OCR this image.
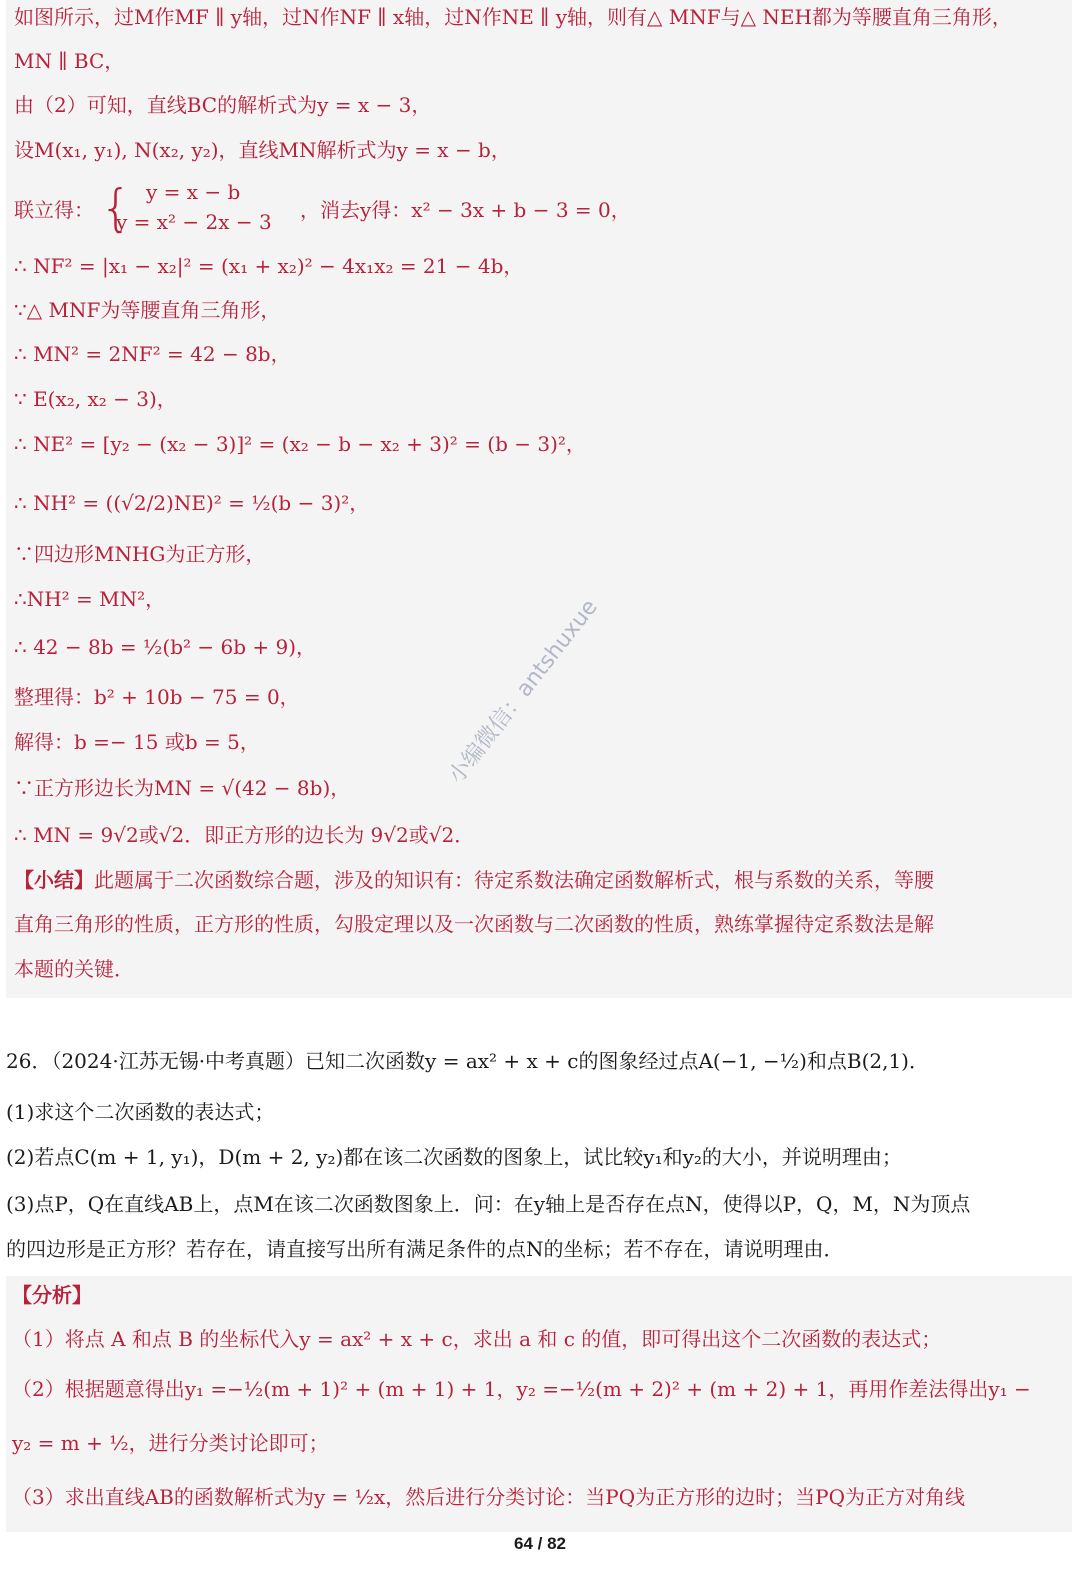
如图所示，过M作MF ∥ y轴，过N作NF ∥ x轴，过N作NE ∥ y轴，则有△ MNF与△ NEH都为等腰直角三角形，
MN ∥ BC，
由（2）可知，直线BC的解析式为y = x − 3，
设M(x₁, y₁), N(x₂, y₂)，直线MN解析式为y = x − b，
联立得： { y = x − b
y = x² − 2x − 3 ，消去y得：x² − 3x + b − 3 = 0，
∴ NF² = |x₁ − x₂|² = (x₁ + x₂)² − 4x₁x₂ = 21 − 4b，
∵△ MNF为等腰直角三角形，
∴ MN² = 2NF² = 42 − 8b，
∵ E(x₂, x₂ − 3)，
∴ NE² = [y₂ − (x₂ − 3)]² = (x₂ − b − x₂ + 3)² = (b − 3)²，
∴ NH² = ((√2/2)NE)² = ½(b − 3)²，
∵四边形MNHG为正方形，
∴NH² = MN²，
∴ 42 − 8b = ½(b² − 6b + 9)，
整理得：b² + 10b − 75 = 0，
解得：b =− 15 或b = 5，
∵正方形边长为MN = √(42 − 8b)，
∴ MN = 9√2或√2．即正方形的边长为 9√2或√2．
【小结】此题属于二次函数综合题，涉及的知识有：待定系数法确定函数解析式，根与系数的关系，等腰
直角三角形的性质，正方形的性质，勾股定理以及一次函数与二次函数的性质，熟练掌握待定系数法是解
本题的关键．
小编微信：antshuxue
26．（2024·江苏无锡·中考真题）已知二次函数y = ax² + x + c的图象经过点A(−1, −½)和点B(2,1)．
(1)求这个二次函数的表达式；
(2)若点C(m + 1, y₁)，D(m + 2, y₂)都在该二次函数的图象上，试比较y₁和y₂的大小，并说明理由；
(3)点P，Q在直线AB上，点M在该二次函数图象上．问：在y轴上是否存在点N，使得以P，Q，M，N为顶点
的四边形是正方形？若存在，请直接写出所有满足条件的点N的坐标；若不存在，请说明理由．
【分析】
（1）将点 A 和点 B 的坐标代入y = ax² + x + c，求出 a 和 c 的值，即可得出这个二次函数的表达式；
（2）根据题意得出y₁ =−½(m + 1)² + (m + 1) + 1，y₂ =−½(m + 2)² + (m + 2) + 1，再用作差法得出y₁ −
y₂ = m + ½，进行分类讨论即可；
（3）求出直线AB的函数解析式为y = ½x，然后进行分类讨论：当PQ为正方形的边时；当PQ为正方对角线
64 / 82
